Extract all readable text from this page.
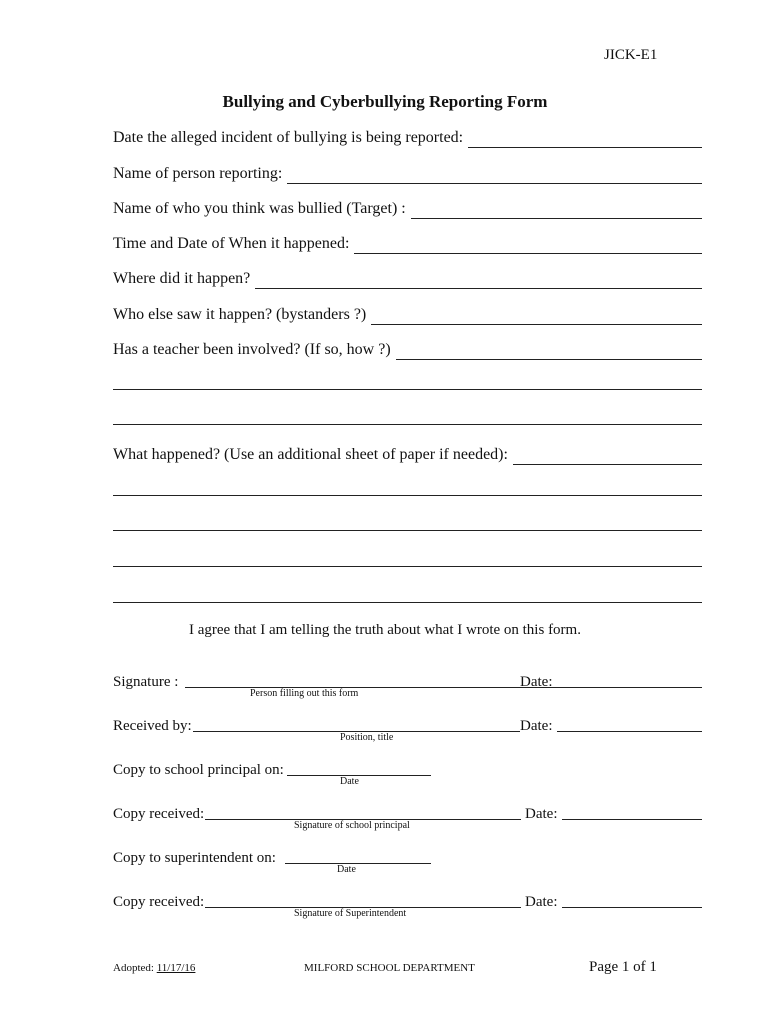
JICK-E1
Bullying and Cyberbullying Reporting Form
Date the alleged incident of bullying is being reported:
Name of person reporting:
Name of who you think was bullied (Target) :
Time and Date of When it happened:
Where did it happen?
Who else saw it happen? (bystanders ?)
Has a teacher been involved? (If so, how ?)
What happened? (Use an additional sheet of paper if needed):
I agree that I am telling the truth about what I wrote on this form.
Signature :	Date:
Person filling out this form
Received by:	Date:
Position, title
Copy to school principal on:
Date
Copy received:	Date:
Signature of school principal
Copy to superintendent on:
Date
Copy received:	Date:
Signature of Superintendent
Adopted: 11/17/16	MILFORD SCHOOL DEPARTMENT	Page 1 of 1
